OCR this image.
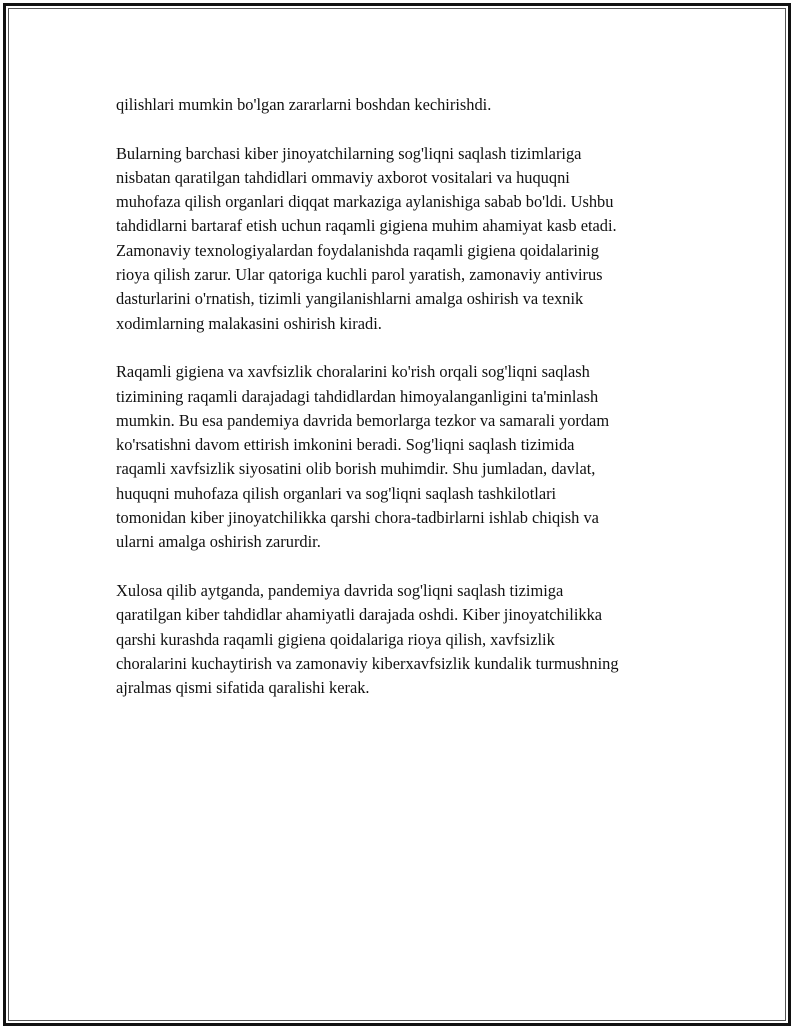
qilishlari mumkin bo'lgan zararlarni boshdan kechirishdi.

Bularning barchasi kiber jinoyatchilarning sog'liqni saqlash tizimlariga
nisbatan qaratilgan tahdidlari ommaviy axborot vositalari va huquqni
muhofaza qilish organlari diqqat markaziga aylanishiga sabab bo'ldi. Ushbu
tahdidlarni bartaraf etish uchun raqamli gigiena muhim ahamiyat kasb etadi.
Zamonaviy texnologiyalardan foydalanishda raqamli gigiena qoidalarinig
rioya qilish zarur. Ular qatoriga kuchli parol yaratish, zamonaviy antivirus
dasturlarini o'rnatish, tizimli yangilanishlarni amalga oshirish va texnik
xodimlarning malakasini oshirish kiradi.

Raqamli gigiena va xavfsizlik choralarini ko'rish orqali sog'liqni saqlash
tizimining raqamli darajadagi tahdidlardan himoyalanganligini ta'minlash
mumkin. Bu esa pandemiya davrida bemorlarga tezkor va samarali yordam
ko'rsatishni davom ettirish imkonini beradi. Sog'liqni saqlash tizimida
raqamli xavfsizlik siyosatini olib borish muhimdir. Shu jumladan, davlat,
huquqni muhofaza qilish organlari va sog'liqni saqlash tashkilotlari
tomonidan kiber jinoyatchilikka qarshi chora-tadbirlarni ishlab chiqish va
ularni amalga oshirish zarurdir.

Xulosa qilib aytganda, pandemiya davrida sog'liqni saqlash tizimiga
qaratilgan kiber tahdidlar ahamiyatli darajada oshdi. Kiber jinoyatchilikka
qarshi kurashda raqamli gigiena qoidalariga rioya qilish, xavfsizlik
choralarini kuchaytirish va zamonaviy kiberxavfsizlik kundalik turmushning
ajralmas qismi sifatida qaralishi kerak.
